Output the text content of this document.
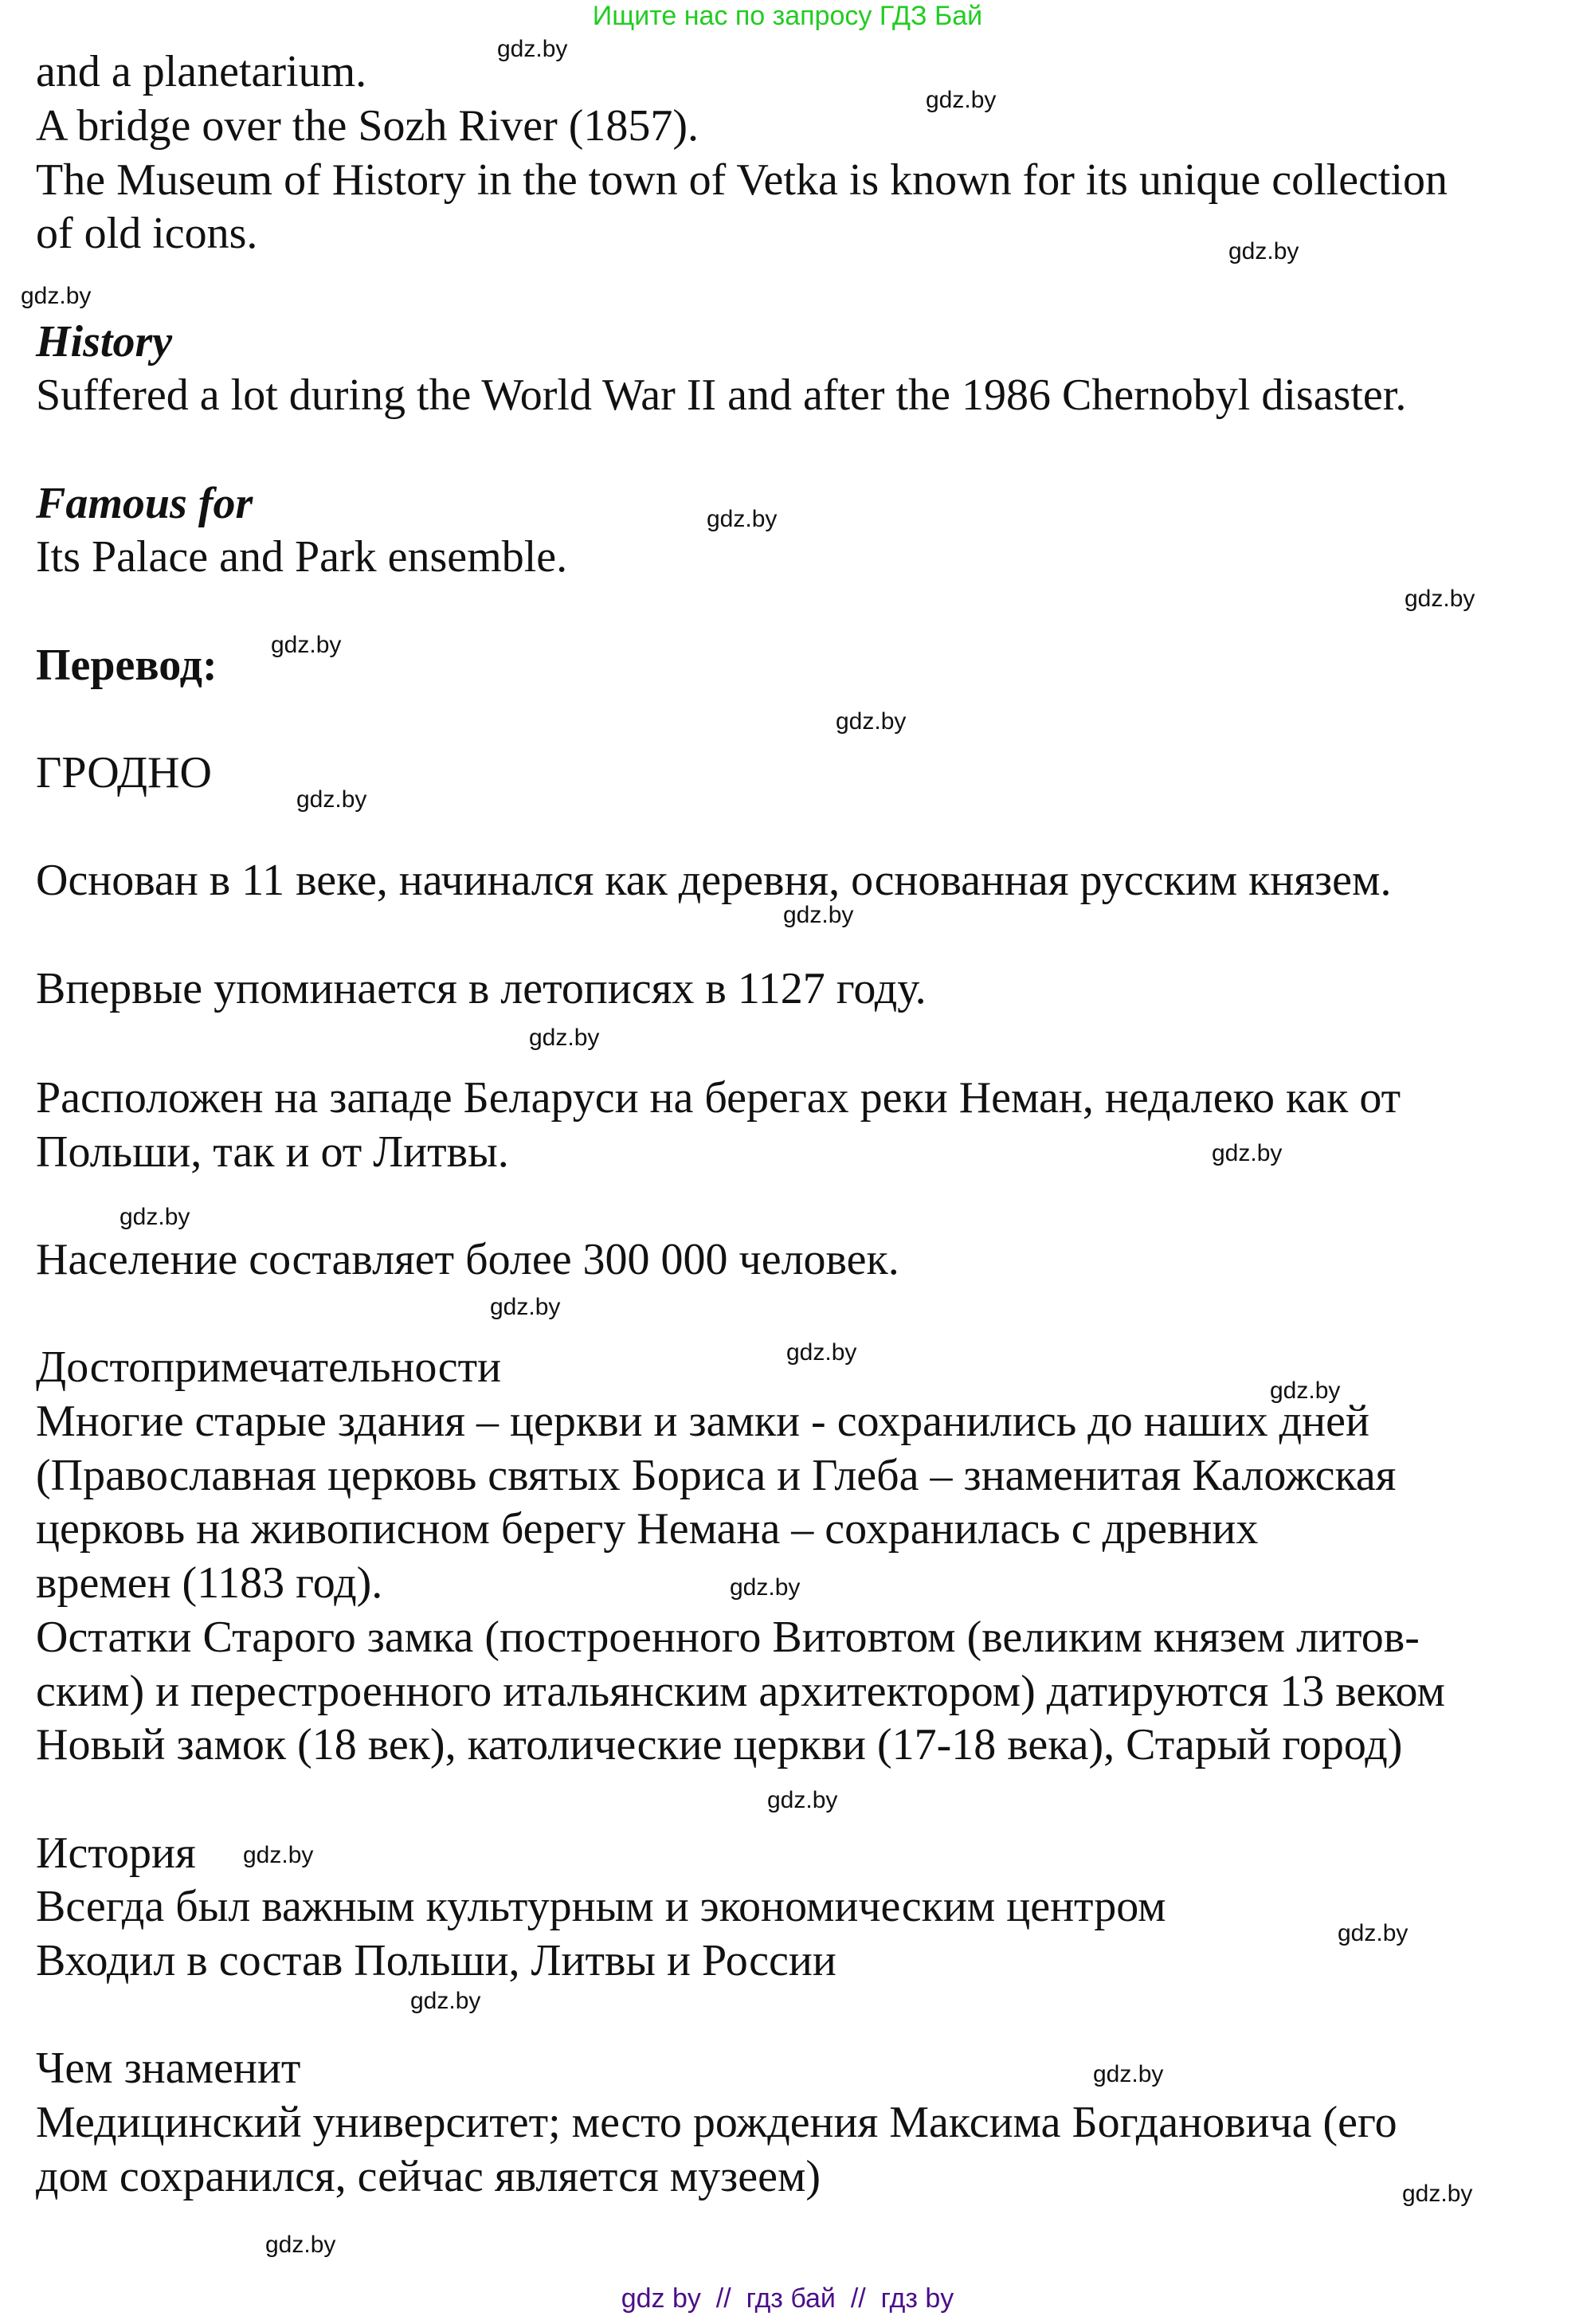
Ищите нас по запросу ГДЗ Бай
and a planetarium.
A bridge over the Sozh River (1857).
The Museum of History in the town of Vetka is known for its unique collection
of old icons.
History
Suffered a lot during the World War II and after the 1986 Chernobyl disaster.
Famous for
Its Palace and Park ensemble.
Перевод:
ГРОДНО
Основан в 11 веке, начинался как деревня, основанная русским князем.
Впервые упоминается в летописях в 1127 году.
Расположен на западе Беларуси на берегах реки Неман, недалеко как от
Польши, так и от Литвы.
Население составляет более 300 000 человек.
Достопримечательности
Многие старые здания – церкви и замки - сохранились до наших дней
(Православная церковь святых Бориса и Глеба – знаменитая Каложская
церковь на живописном берегу Немана – сохранилась с древних
времен (1183 год).
Остатки Старого замка (построенного Витовтом (великим князем литов-
ским) и перестроенного итальянским архитектором) датируются 13 веком
Новый замок (18 век), католические церкви (17-18 века), Старый город)
История
Всегда был важным культурным и экономическим центром
Входил в состав Польши, Литвы и России
Чем знаменит
Медицинский университет; место рождения Максима Богдановича (его
дом сохранился, сейчас является музеем)
gdz.by
gdz.by
gdz.by
gdz.by
gdz.by
gdz.by
gdz.by
gdz.by
gdz.by
gdz.by
gdz.by
gdz.by
gdz.by
gdz.by
gdz.by
gdz.by
gdz.by
gdz.by
gdz.by
gdz.by
gdz.by
gdz.by
gdz.by
gdz.by
gdz by  //  гдз бай  //  гдз by
